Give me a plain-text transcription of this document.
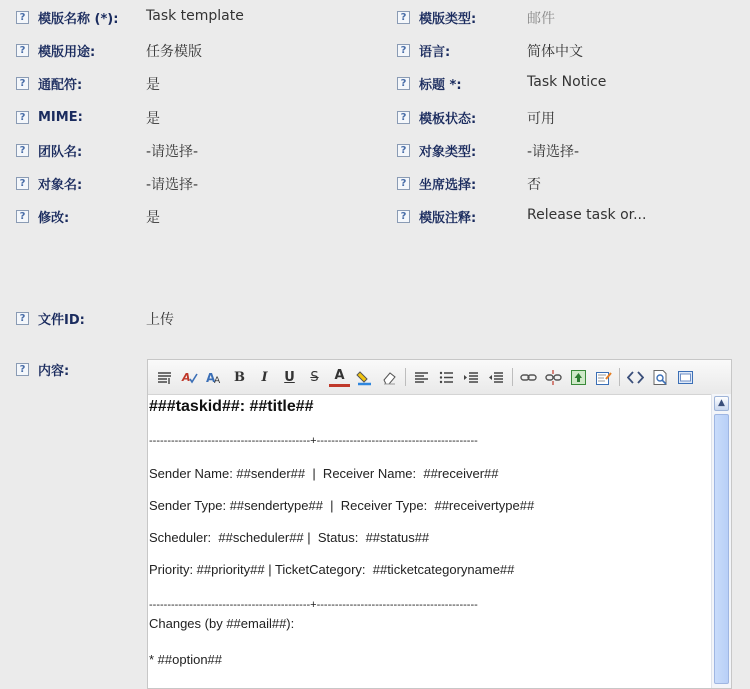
? 模版名称 (*): Task template
? 模版用途:	任务模版
? 通配符:	是
? MIME:	是
? 团队名:	-请选择-
? 对象名:	-请选择-
? 修改:	是
? 模版类型:	邮件
? 语言:	简体中文
? 标题 *:	Task Notice
? 模板状态:	可用
? 对象类型:	-请选择-
? 坐席选择:	否
? 模版注释:	Release task or...
? 文件ID:	上传
? 内容:	A A
A	B	I	U	S	A
###taskid##: ##title##
--------------------------------------------+--------------------------------------------
Sender Name: ##sender##  |  Receiver Name:  ##receiver##
Sender Type: ##sendertype##  |  Receiver Type:  ##receivertype##
Scheduler:  ##scheduler## |  Status:  ##status##
Priority: ##priority## | TicketCategory:  ##ticketcategoryname##
--------------------------------------------+--------------------------------------------
Changes (by ##email##):
* ##option##
▲
